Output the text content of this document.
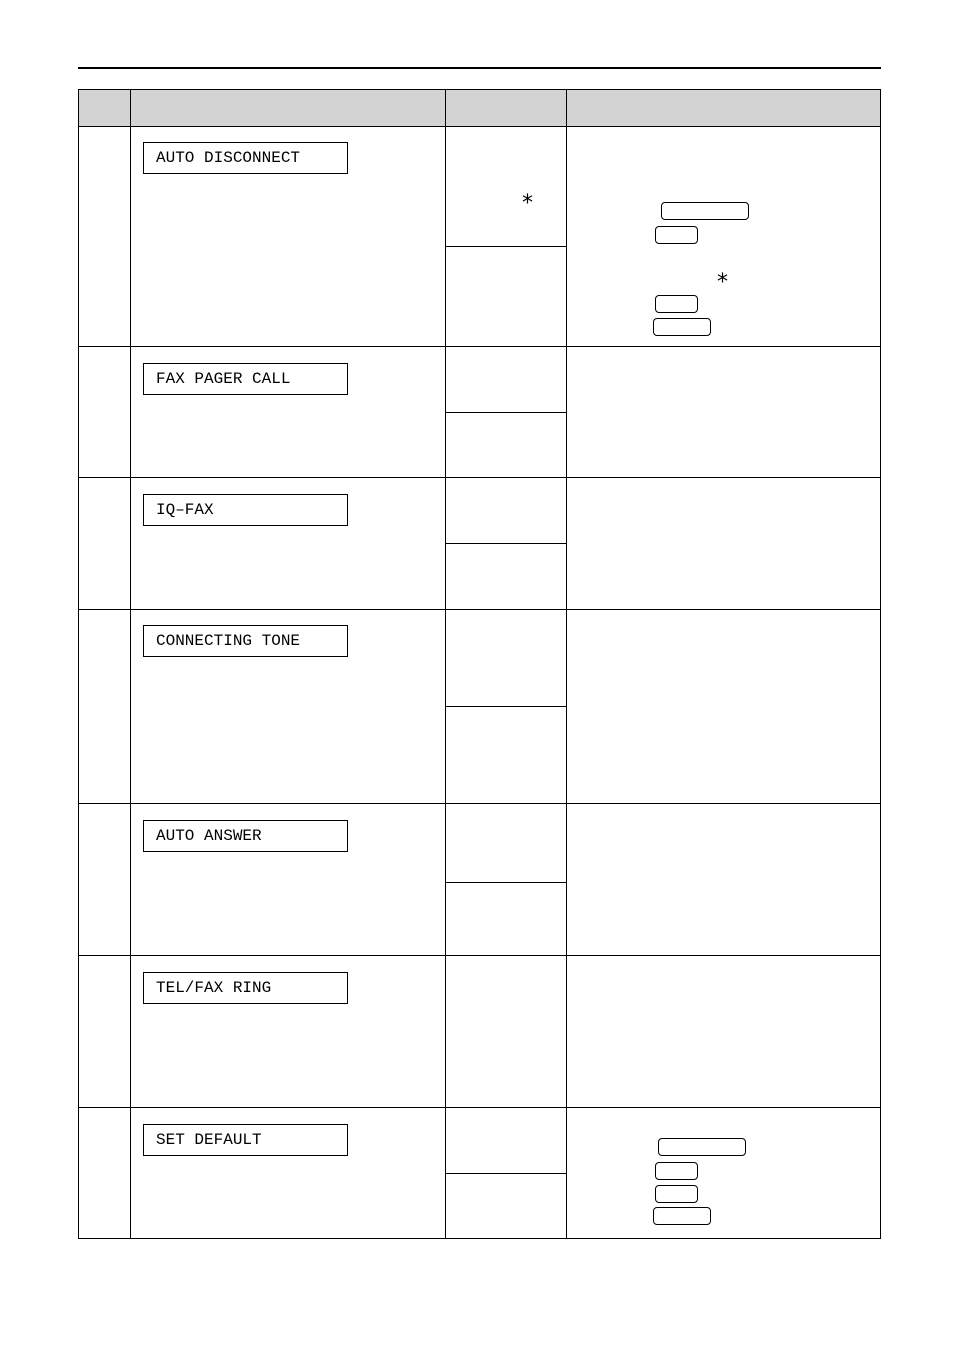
AUTO DISCONNECT
FAX PAGER CALL
IQ–FAX
CONNECTING TONE
AUTO ANSWER
TEL/FAX RING
SET DEFAULT
*
*
